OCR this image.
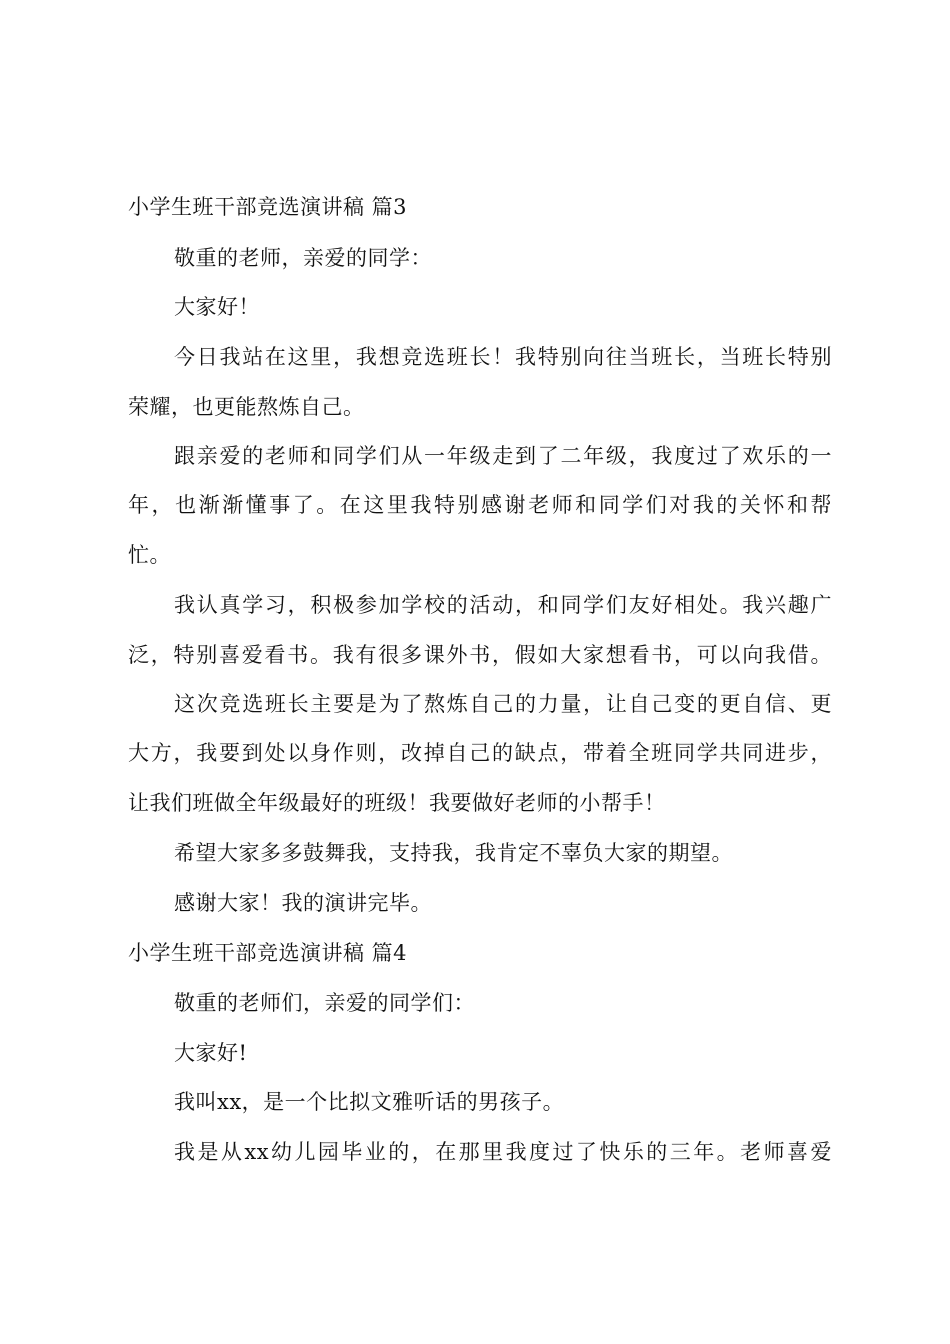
小学生班干部竞选演讲稿 篇3
敬重的老师，亲爱的同学：
大家好！
今日我站在这里，我想竞选班长！我特别向往当班长，当班长特别
荣耀，也更能熬炼自己。
跟亲爱的老师和同学们从一年级走到了二年级，我度过了欢乐的一
年，也渐渐懂事了。在这里我特别感谢老师和同学们对我的关怀和帮
忙。
我认真学习，积极参加学校的活动，和同学们友好相处。我兴趣广
泛，特别喜爱看书。我有很多课外书，假如大家想看书，可以向我借。
这次竞选班长主要是为了熬炼自己的力量，让自己变的更自信、更
大方，我要到处以身作则，改掉自己的缺点，带着全班同学共同进步，
让我们班做全年级最好的班级！我要做好老师的小帮手！
希望大家多多鼓舞我，支持我，我肯定不辜负大家的期望。
感谢大家！我的演讲完毕。
小学生班干部竞选演讲稿 篇4
敬重的老师们，亲爱的同学们：
大家好!
我叫xx，是一个比拟文雅听话的男孩子。
我是从xx幼儿园毕业的，在那里我度过了快乐的三年。老师喜爱
